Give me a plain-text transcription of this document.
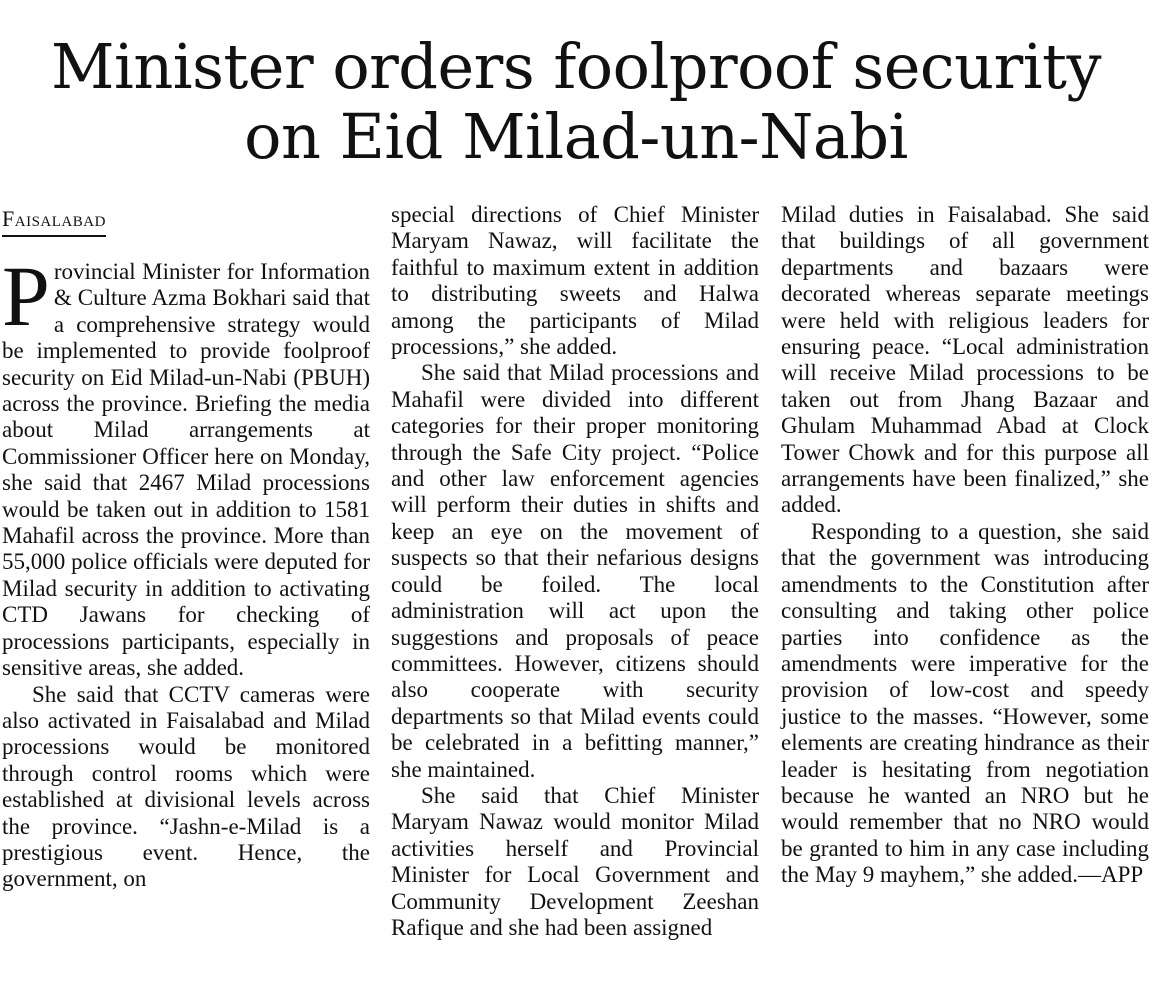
Minister orders foolproof security
on Eid Milad-un-Nabi
Faisalabad

Provincial Minister for Information & Culture Azma Bokhari said that a comprehensive strategy would be implemented to provide foolproof security on Eid Milad-un-Nabi (PBUH) across the province. Briefing the media about Milad arrangements at Commissioner Officer here on Monday, she said that 2467 Milad processions would be taken out in addition to 1581 Mahafil across the province. More than 55,000 police officials were deputed for Milad security in addition to activating CTD Jawans for checking of processions participants, especially in sensitive areas, she added.

She said that CCTV cameras were also activated in Faisalabad and Milad processions would be monitored through control rooms which were established at divisional levels across the province. “Jashn-e-Milad is a prestigious event. Hence, the government, on

special directions of Chief Minister Maryam Nawaz, will facilitate the faithful to maximum extent in addition to distributing sweets and Halwa among the participants of Milad processions,” she added.

She said that Milad processions and Mahafil were divided into different categories for their proper monitoring through the Safe City project. “Police and other law enforcement agencies will perform their duties in shifts and keep an eye on the movement of suspects so that their nefarious designs could be foiled. The local administration will act upon the suggestions and proposals of peace committees. However, citizens should also cooperate with security departments so that Milad events could be celebrated in a befitting manner,” she maintained.

She said that Chief Minister Maryam Nawaz would monitor Milad activities herself and Provincial Minister for Local Government and Community Development Zeeshan Rafique and she had been assigned

Milad duties in Faisalabad. She said that buildings of all government departments and bazaars were decorated whereas separate meetings were held with religious leaders for ensuring peace. “Local administration will receive Milad processions to be taken out from Jhang Bazaar and Ghulam Muhammad Abad at Clock Tower Chowk and for this purpose all arrangements have been finalized,” she added.

Responding to a question, she said that the government was introducing amendments to the Constitution after consulting and taking other police parties into confidence as the amendments were imperative for the provision of low-cost and speedy justice to the masses. “However, some elements are creating hindrance as their leader is hesitating from negotiation because he wanted an NRO but he would remember that no NRO would be granted to him in any case including the May 9 mayhem,” she added.—APP
